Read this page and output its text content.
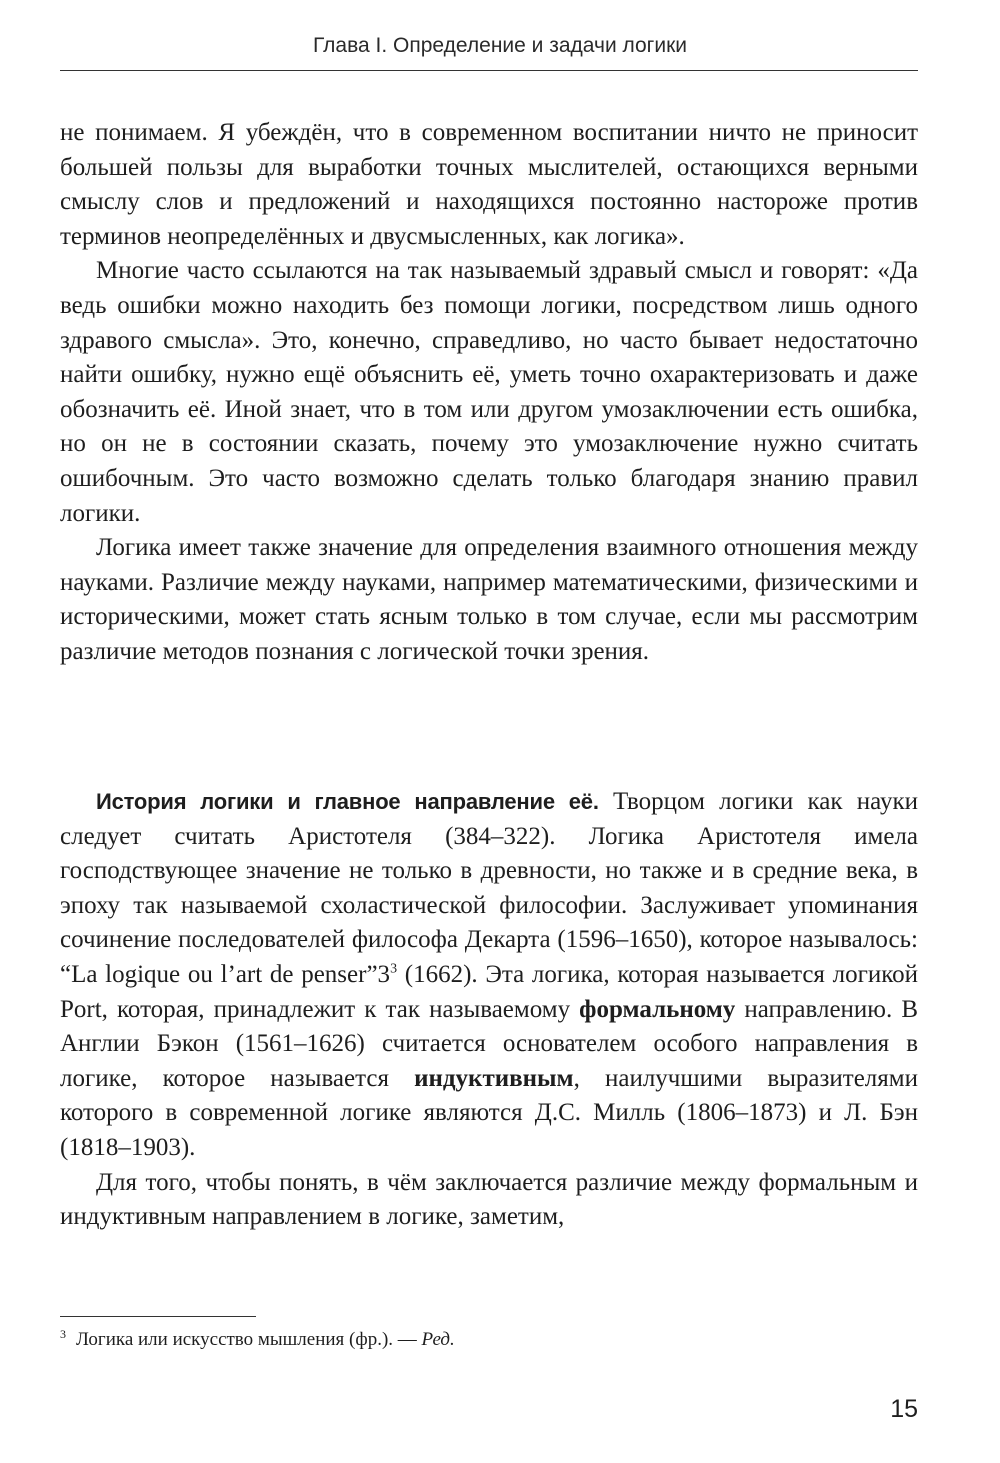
Глава I. Определение и задачи логики

не понимаем. Я убеждён, что в современном воспитании ничто не приносит большей пользы для выработки точных мыслителей, остающихся верными смыслу слов и предложений и находящихся постоянно настороже против терминов неопределённых и двусмысленных, как логика».

Многие часто ссылаются на так называемый здравый смысл и говорят: «Да ведь ошибки можно находить без помощи логики, посредством лишь одного здравого смысла». Это, конечно, справедливо, но часто бывает недостаточно найти ошибку, нужно ещё объяснить её, уметь точно охарактеризовать и даже обозначить её. Иной знает, что в том или другом умозаключении есть ошибка, но он не в состоянии сказать, почему это умозаключение нужно считать ошибочным. Это часто возможно сделать только благодаря знанию правил логики.

Логика имеет также значение для определения взаимного отношения между науками. Различие между науками, например математическими, физическими и историческими, может стать ясным только в том случае, если мы рассмотрим различие методов познания с логической точки зрения.

История логики и главное направление её. Творцом логики как науки следует считать Аристотеля (384–322). Логика Аристотеля имела господствующее значение не только в древности, но также и в средние века, в эпоху так называемой схоластической философии. Заслуживает упоминания сочинение последователей философа Декарта (1596–1650), которое называлось: “La logique ou l’art de penser”3$^3$ (1662). Эта логика, которая называется логикой Port, которая, принадлежит к так называемому формальному направлению. В Англии Бэкон (1561–1626) считается основателем особого направления в логике, которое называется индуктивным, наилучшими выразителями которого в современной логике являются Д.С. Милль (1806–1873) и Л. Бэн (1818–1903).

Для того, чтобы понять, в чём заключается различие между формальным и индуктивным направлением в логике, заметим,

$^3$ Логика или искусство мышления (фр.). — Ред.
15
